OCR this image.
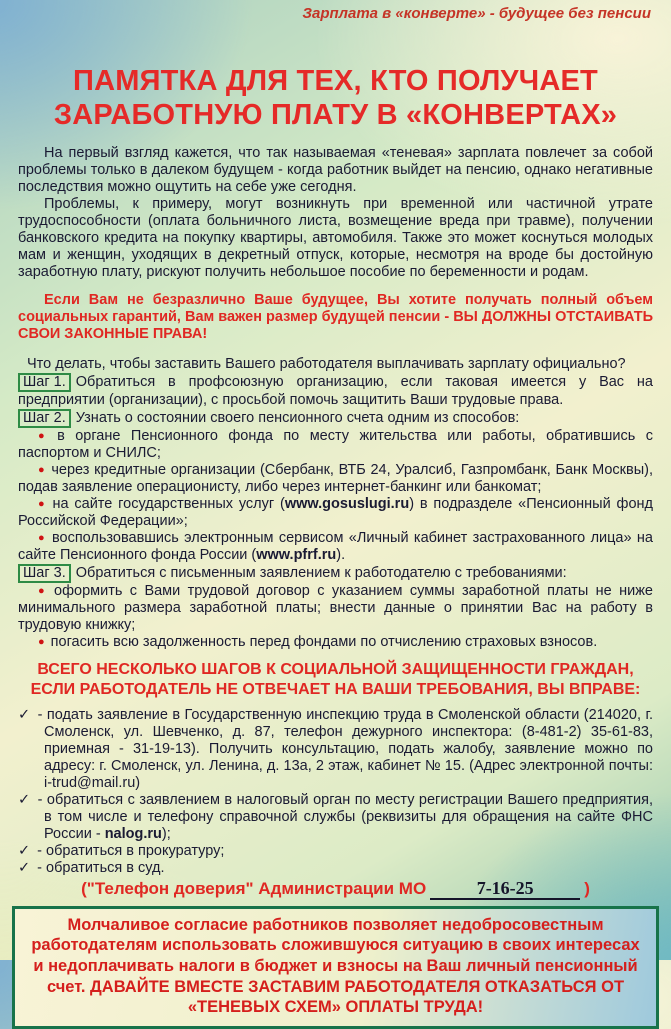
Зарплата в «конверте» - будущее без пенсии
ПАМЯТКА ДЛЯ ТЕХ, КТО ПОЛУЧАЕТ
ЗАРАБОТНУЮ ПЛАТУ В «КОНВЕРТАХ»

На первый взгляд кажется, что так называемая «теневая» зарплата повлечет за собой проблемы только в далеком будущем - когда работник выйдет на пенсию, однако негативные последствия можно ощутить на себе уже сегодня.

Проблемы, к примеру, могут возникнуть при временной или частичной утрате трудоспособности (оплата больничного листа, возмещение вреда при травме), получении банковского кредита на покупку квартиры, автомобиля. Также это может коснуться молодых мам и женщин, уходящих в декретный отпуск, которые, несмотря на вроде бы достойную заработную плату, рискуют получить небольшое пособие по беременности и родам.

Если Вам не безразлично Ваше будущее, Вы хотите получать полный объем социальных гарантий, Вам важен размер будущей пенсии - ВЫ ДОЛЖНЫ ОТСТАИВАТЬ СВОИ ЗАКОННЫЕ ПРАВА!

Что делать, чтобы заставить Вашего работодателя выплачивать зарплату официально?

Шаг 1. Обратиться в профсоюзную организацию, если таковая имеется у Вас на предприятии (организации), с просьбой помочь защитить Ваши трудовые права.

Шаг 2. Узнать о состоянии своего пенсионного счета одним из способов:

● в органе Пенсионного фонда по месту жительства или работы, обратившись с паспортом и СНИЛС;

● через кредитные организации (Сбербанк, ВТБ 24, Уралсиб, Газпромбанк, Банк Москвы), подав заявление операционисту, либо через интернет-банкинг или банкомат;

● на сайте государственных услуг (www.gosuslugi.ru) в подразделе «Пенсионный фонд Российской Федерации»;

● воспользовавшись электронным сервисом «Личный кабинет застрахованного лица» на сайте Пенсионного фонда России (www.pfrf.ru).

Шаг 3. Обратиться с письменным заявлением к работодателю с требованиями:

● оформить с Вами трудовой договор с указанием суммы заработной платы не ниже минимального размера заработной платы; внести данные о принятии Вас на работу в трудовую книжку;

● погасить всю задолженность перед фондами по отчислению страховых взносов.

ВСЕГО НЕСКОЛЬКО ШАГОВ К СОЦИАЛЬНОЙ ЗАЩИЩЕННОСТИ ГРАЖДАН, ЕСЛИ РАБОТОДАТЕЛЬ НЕ ОТВЕЧАЕТ НА ВАШИ ТРЕБОВАНИЯ, ВЫ ВПРАВЕ:

✓ - подать заявление в Государственную инспекцию труда в Смоленской области (214020, г. Смоленск, ул. Шевченко, д. 87, телефон дежурного инспектора: (8-481-2) 35-61-83, приемная - 31-19-13). Получить консультацию, подать жалобу, заявление можно по адресу: г. Смоленск, ул. Ленина, д. 13а, 2 этаж, кабинет № 15. (Адрес электронной почты: i-trud@mail.ru)

✓ - обратиться с заявлением в налоговый орган по месту регистрации Вашего предприятия, в том числе и телефону справочной службы (реквизиты для обращения на сайте ФНС России - nalog.ru);

✓ - обратиться в прокуратуру;

✓ - обратиться в суд.

("Телефон доверия" Администрации МО	7-16-25	)
Молчаливое согласие работников позволяет недобросовестным работодателям использовать сложившуюся ситуацию в своих интересах и недоплачивать налоги в бюджет и взносы на Ваш личный пенсионный счет. ДАВАЙТЕ ВМЕСТЕ ЗАСТАВИМ РАБОТОДАТЕЛЯ ОТКАЗАТЬСЯ ОТ «ТЕНЕВЫХ СХЕМ» ОПЛАТЫ ТРУДА!
